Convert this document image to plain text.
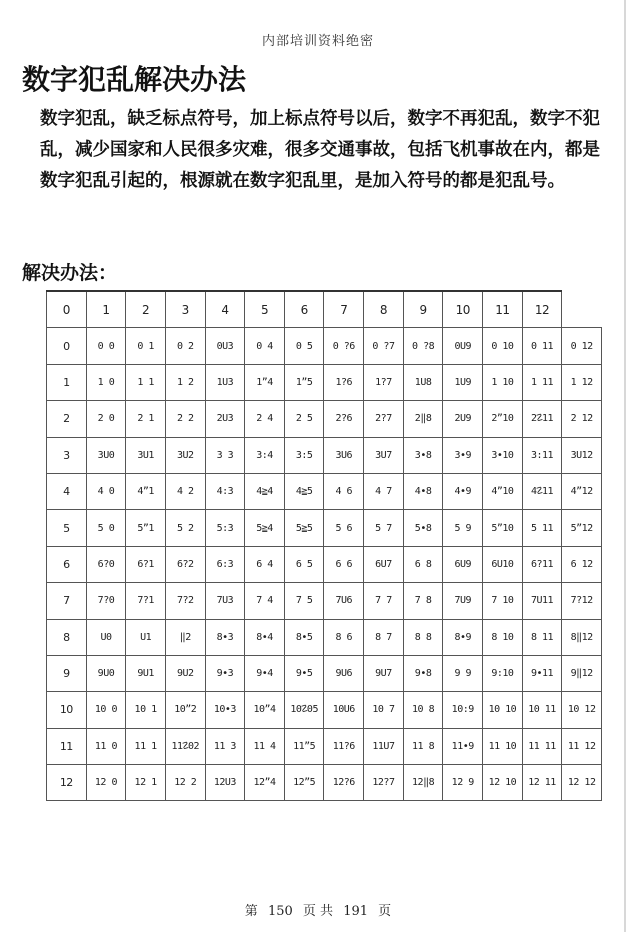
内部培训资料绝密
数字犯乱解决办法
数字犯乱，缺乏标点符号，加上标点符号以后，数字不再犯乱，数字不犯乱，减少国家和人民很多灾难，很多交通事故，包括飞机事故在内，都是数字犯乱引起的，根源就在数字犯乱里，是加入符号的都是犯乱号。
解决办法：
0	1	2	3	4	5	6	7	8	9	10	11	12	
0	0 0	0 1	0 2	0U3	0 4	0 5	0 ?6	0 ?7	0 ?8	0U9	0 10	0 11	0 12
1	1 0	1 1	1 2	1U3	1”4	1”5	1?6	1?7	1U8	1U9	1 10	1 11	1 12
2	2 0	2 1	2 2	2U3	2 4	2 5	2?6	2?7	2‖8	2U9	2”10	2☡11	2 12
3	3U0	3U1	3U2	3 3	3:4	3:5	3U6	3U7	3•8	3•9	3•10	3:11	3U12
4	4 0	4”1	4 2	4:3	4≧4	4≧5	4 6	4 7	4•8	4•9	4”10	4☡11	4”12
5	5 0	5”1	5 2	5:3	5≧4	5≧5	5 6	5 7	5•8	5 9	5”10	5 11	5”12
6	6?0	6?1	6?2	6:3	6 4	6 5	6 6	6U7	6 8	6U9	6U10	6?11	6 12
7	7?0	7?1	7?2	7U3	7 4	7 5	7U6	7 7	7 8	7U9	7 10	7U11	7?12
8	U0	U1	‖2	8•3	8•4	8•5	8 6	8 7	8 8	8•9	8 10	8 11	8‖12
9	9U0	9U1	9U2	9•3	9•4	9•5	9U6	9U7	9•8	9 9	9:10	9•11	9‖12
10	10 0	10 1	10”2	10•3	10”4	10☡05	10U6	10 7	10 8	10:9	10 10	10 11	10 12
11	11 0	11 1	11☡02	11 3	11 4	11”5	11?6	11U7	11 8	11•9	11 10	11 11	11 12
12	12 0	12 1	12 2	12U3	12”4	12”5	12?6	12?7	12‖8	12 9	12 10	12 11	12 12
第 150 页 共 191 页
